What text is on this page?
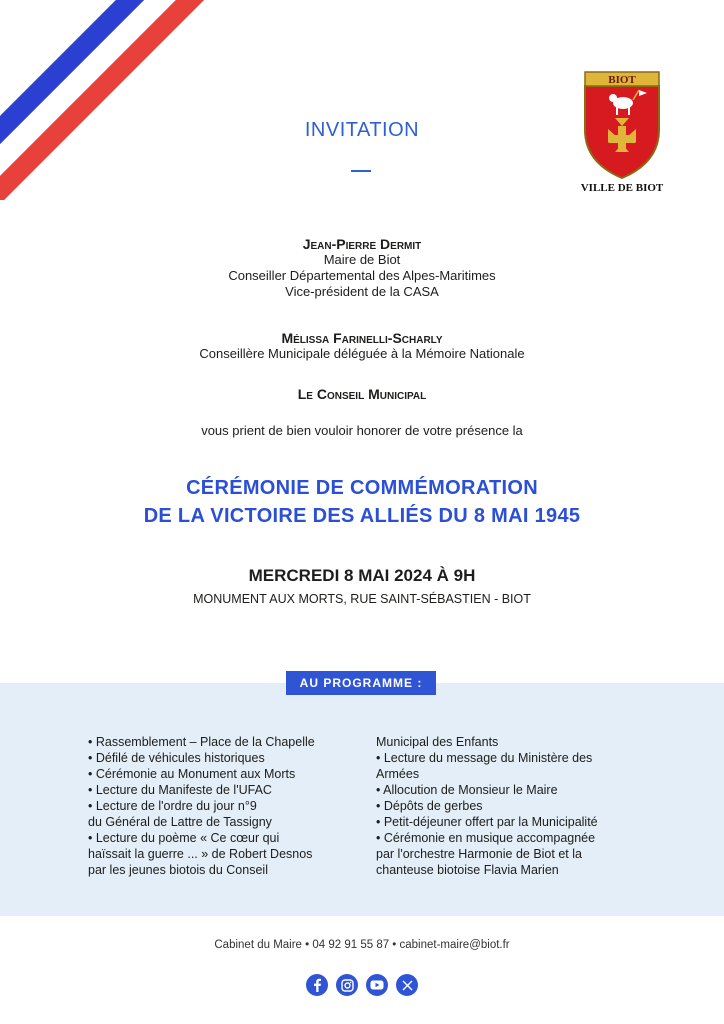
BIOT
VILLE DE BIOT
INVITATION
Jean-Pierre Dermit
Maire de Biot
Conseiller Départemental des Alpes-Maritimes
Vice-président de la CASA
Mélissa Farinelli-Scharly
Conseillère Municipale déléguée à la Mémoire Nationale
Le Conseil Municipal
vous prient de bien vouloir honorer de votre présence la
CÉRÉMONIE DE COMMÉMORATION
DE LA VICTOIRE DES ALLIÉS DU 8 MAI 1945
MERCREDI 8 MAI 2024 À 9H
MONUMENT AUX MORTS, RUE SAINT-SÉBASTIEN - BIOT
AU PROGRAMME :
• Rassemblement – Place de la Chapelle
• Défilé de véhicules historiques
• Cérémonie au Monument aux Morts
• Lecture du Manifeste de l'UFAC
• Lecture de l'ordre du jour n°9
du Général de Lattre de Tassigny
• Lecture du poème « Ce cœur qui
haïssait la guerre ... » de Robert Desnos
par les jeunes biotois du Conseil
Municipal des Enfants
• Lecture du message du Ministère des
Armées
• Allocution de Monsieur le Maire
• Dépôts de gerbes
• Petit-déjeuner offert par la Municipalité
• Cérémonie en musique accompagnée
par l'orchestre Harmonie de Biot et la
chanteuse biotoise Flavia Marien
Cabinet du Maire • 04 92 91 55 87 • cabinet-maire@biot.fr
